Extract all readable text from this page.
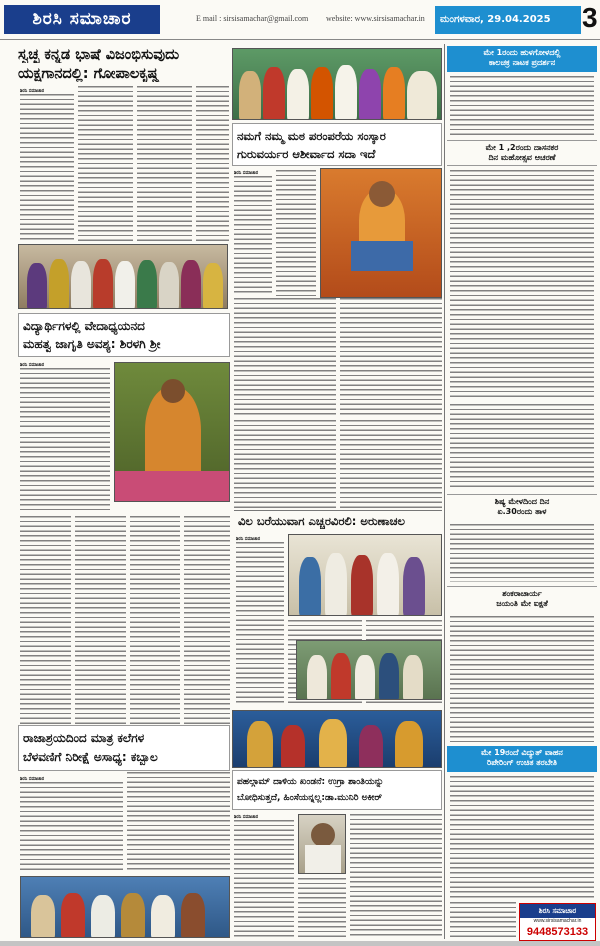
ಶಿರಸಿ ಸಮಾಚಾರ	E mail : sirsisamachar@gmail.com website: www.sirsisamachar.in	ಮಂಗಳವಾರ, 29.04.2025	3
ಸ್ವಚ್ಛ ಕನ್ನಡ ಭಾಷೆ ವಿಜಂಭಿಸುವುದು
ಯಕ್ಷಗಾನದಲ್ಲಿ: ಗೋಪಾಲಕೃಷ್ಣ
ಶಿರಸಿ ಸಮಾಚಾರ
ನಮಗೆ ನಮ್ಮ ಮಠ ಪರಂಪರೆಯ ಸಂಸ್ಕಾರ
ಗುರುವರ್ಯರ ಆಶೀರ್ವಾದ ಸದಾ ಇದೆ
ಶಿರಸಿ ಸಮಾಚಾರ
ವಿದ್ಯಾರ್ಥಿಗಳಲ್ಲಿ ವೇದಾಧ್ಯಯನದ
ಮಹತ್ವ ಜಾಗೃತಿ ಅವಶ್ಯ: ಶಿರಳಗಿ ಶ್ರೀ
ಶಿರಸಿ ಸಮಾಚಾರ
ವಿಲ ಬರೆಯುವಾಗ ಎಚ್ಚರವಿರಲಿ: ಅರುಣಾಚಲ
ಶಿರಸಿ ಸಮಾಚಾರ
ರಾಜಾಶ್ರಯದಿಂದ ಮಾತ್ರ ಕಲೆಗಳ
ಬೆಳವಣಿಗೆ ನಿರೀಕ್ಷೆ ಅಸಾಧ್ಯ: ಕಬ್ಬಾಲ
ಶಿರಸಿ ಸಮಾಚಾರ	ಪಹಲ್ಗಾಮ್ ದಾಳಿಯ ಖಂಡನೆ: ಉಗ್ರಾ ಶಾಂತಿಯನ್ನು
ಬೋಧಿಸುತ್ತದೆ, ಹಿಂಸೆಯನ್ನಲ್ಲ:ಡಾ.ಮುನಿರಿ ಅಕೀರ್
ಶಿರಸಿ ಸಮಾಚಾರ
ಮೇ 1ರಂದು ಹುಳಗೋಳದಲ್ಲಿ
ಕಾಲಚಕ್ರ ನಾಟಕ ಪ್ರದರ್ಶನ
ಮೇ 1 ,2ರಂದು ದಾಸನಕರ
ದಿನ ಮಹೋತ್ಸವ ಆಚರಣೆ
ಶಿಷ್ಯ ಮೇಳದಿಂದ ದಿನ
ಏ.30ರಂದು ತಾಳ
ಶಂಕರಾಚಾರ್ಯ
ಜಯಂತಿ ಮೇ ಐಕ್ಷತೆ
ಮೇ 19ರಂದೆ ವಿದ್ಯುತ್ ವಾಹನ
ರಿಪೇರಿಂಗ್ ಉಚಿತ ತರಬೇತಿ
ಶಿರಸಿ ಸಮಾಚಾರ
www.sirsisamachar.in
9448573133
